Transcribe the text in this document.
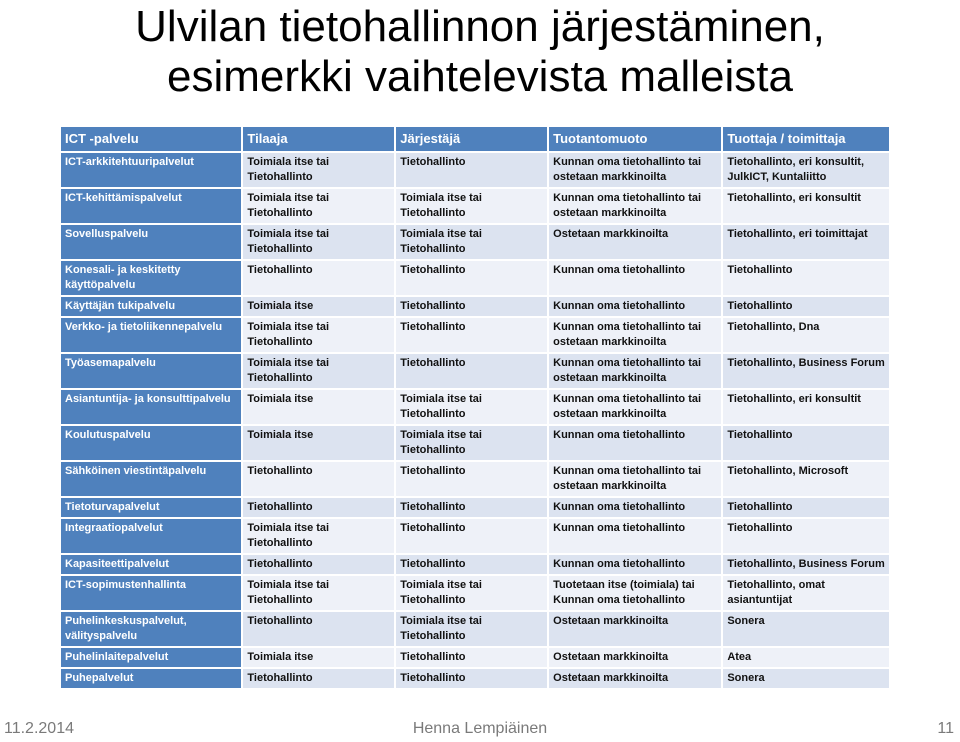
Ulvilan tietohallinnon järjestäminen,
esimerkki vaihtelevista malleista
ICT -palvelu	Tilaaja	Järjestäjä	Tuotantomuoto	Tuottaja / toimittaja
ICT-arkkitehtuuripalvelut	Toimiala itse tai Tietohallinto	Tietohallinto	Kunnan oma tietohallinto tai ostetaan markkinoilta	Tietohallinto, eri konsultit, JulkICT, Kuntaliitto
ICT-kehittämispalvelut	Toimiala itse tai Tietohallinto	Toimiala itse tai Tietohallinto	Kunnan oma tietohallinto tai ostetaan markkinoilta	Tietohallinto, eri konsultit
Sovelluspalvelu	Toimiala itse tai Tietohallinto	Toimiala itse tai Tietohallinto	Ostetaan markkinoilta	Tietohallinto, eri toimittajat
Konesali- ja keskitetty käyttöpalvelu	Tietohallinto	Tietohallinto	Kunnan oma tietohallinto	Tietohallinto
Käyttäjän tukipalvelu	Toimiala itse	Tietohallinto	Kunnan oma tietohallinto	Tietohallinto
Verkko- ja tietoliikennepalvelu	Toimiala itse tai Tietohallinto	Tietohallinto	Kunnan oma tietohallinto tai ostetaan markkinoilta	Tietohallinto, Dna
Työasemapalvelu	Toimiala itse tai Tietohallinto	Tietohallinto	Kunnan oma tietohallinto tai ostetaan markkinoilta	Tietohallinto, Business Forum
Asiantuntija- ja konsulttipalvelu	Toimiala itse	Toimiala itse tai Tietohallinto	Kunnan oma tietohallinto tai ostetaan markkinoilta	Tietohallinto, eri konsultit
Koulutuspalvelu	Toimiala itse	Toimiala itse tai Tietohallinto	Kunnan oma tietohallinto	Tietohallinto
Sähköinen viestintäpalvelu	Tietohallinto	Tietohallinto	Kunnan oma tietohallinto tai ostetaan markkinoilta	Tietohallinto, Microsoft
Tietoturvapalvelut	Tietohallinto	Tietohallinto	Kunnan oma tietohallinto	Tietohallinto
Integraatiopalvelut	Toimiala itse tai Tietohallinto	Tietohallinto	Kunnan oma tietohallinto	Tietohallinto
Kapasiteettipalvelut	Tietohallinto	Tietohallinto	Kunnan oma tietohallinto	Tietohallinto, Business Forum
ICT-sopimustenhallinta	Toimiala itse tai Tietohallinto	Toimiala itse tai Tietohallinto	Tuotetaan itse (toimiala) tai Kunnan oma tietohallinto	Tietohallinto, omat asiantuntijat
Puhelinkeskuspalvelut, välityspalvelu	Tietohallinto	Toimiala itse tai Tietohallinto	Ostetaan markkinoilta	Sonera
Puhelinlaitepalvelut	Toimiala itse	Tietohallinto	Ostetaan markkinoilta	Atea
Puhepalvelut	Tietohallinto	Tietohallinto	Ostetaan markkinoilta	Sonera
11.2.2014	Henna Lempiäinen	11
